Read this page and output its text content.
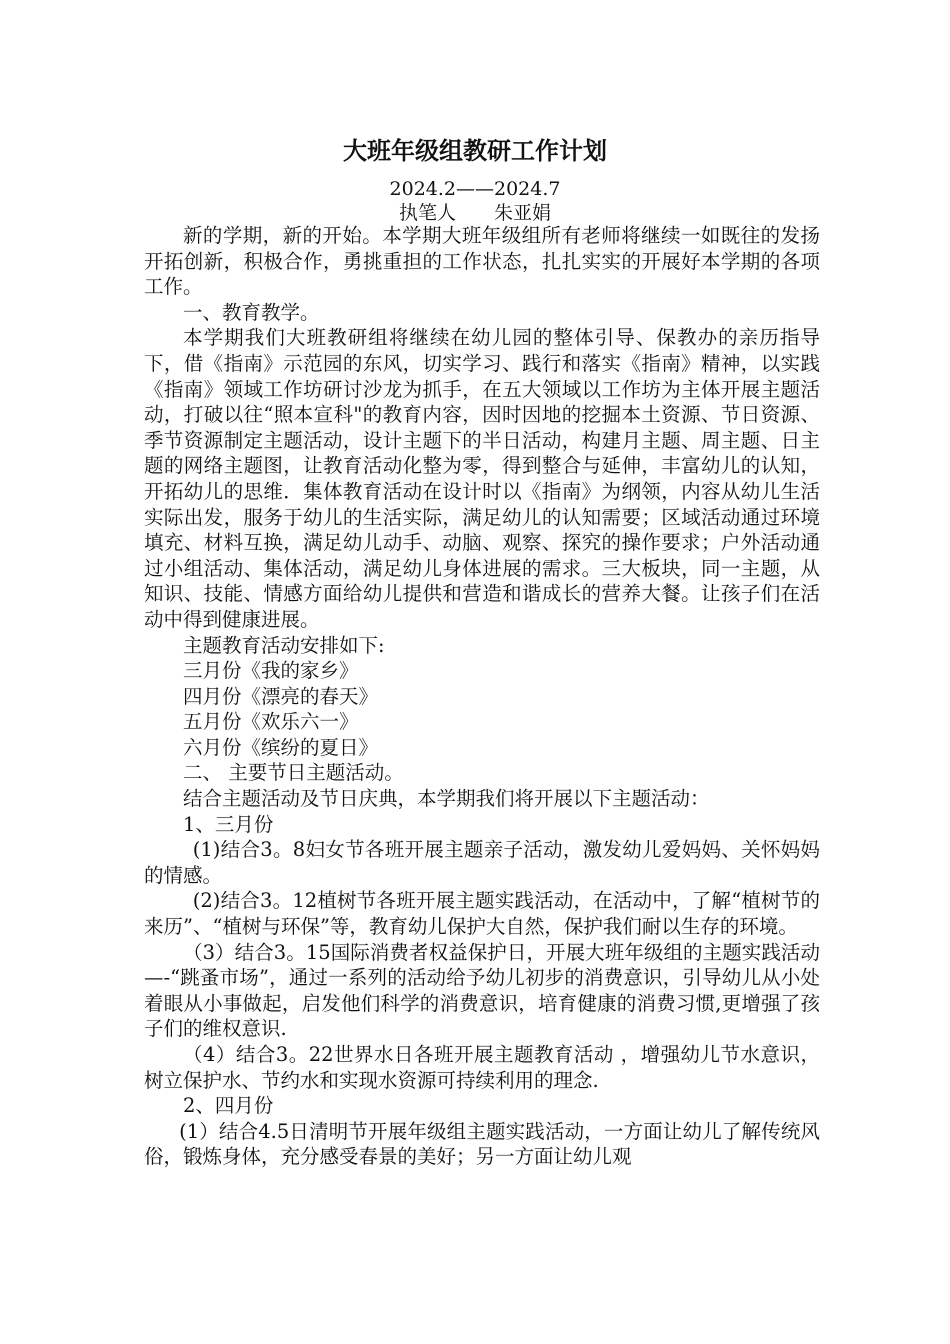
大班年级组教研工作计划
2024.2——2024.7
执笔人　　朱亚娟

新的学期，新的开始。本学期大班年级组所有老师将继续一如既往的发扬开拓创新，积极合作，勇挑重担的工作状态，扎扎实实的开展好本学期的各项工作。

一、教育教学。

本学期我们大班教研组将继续在幼儿园的整体引导、保教办的亲历指导下，借《指南》示范园的东风，切实学习、践行和落实《指南》精神，以实践《指南》领域工作坊研讨沙龙为抓手，在五大领域以工作坊为主体开展主题活动，打破以往“照本宣科"的教育内容，因时因地的挖掘本土资源、节日资源、季节资源制定主题活动，设计主题下的半日活动，构建月主题、周主题、日主题的网络主题图，让教育活动化整为零，得到整合与延伸，丰富幼儿的认知，开拓幼儿的思维．集体教育活动在设计时以《指南》为纲领，内容从幼儿生活实际出发，服务于幼儿的生活实际，满足幼儿的认知需要；区域活动通过环境填充、材料互换，满足幼儿动手、动脑、观察、探究的操作要求；户外活动通过小组活动、集体活动，满足幼儿身体进展的需求。三大板块，同一主题，从知识、技能、情感方面给幼儿提供和营造和谐成长的营养大餐。让孩子们在活动中得到健康进展。

主题教育活动安排如下:

三月份《我的家乡》

四月份《漂亮的春天》

五月份《欢乐六一》

六月份《缤纷的夏日》

二、 主要节日主题活动。

结合主题活动及节日庆典，本学期我们将开展以下主题活动：

1、三月份

(1)结合3。8妇女节各班开展主题亲子活动，激发幼儿爱妈妈、关怀妈妈的情感。

(2)结合3。12植树节各班开展主题实践活动，在活动中，了解“植树节的来历”、“植树与环保”等，教育幼儿保护大自然，保护我们耐以生存的环境。

（3）结合3。15国际消费者权益保护日，开展大班年级组的主题实践活动—-“跳蚤市场”，通过一系列的活动给予幼儿初步的消费意识，引导幼儿从小处着眼从小事做起，启发他们科学的消费意识，培育健康的消费习惯,更增强了孩子们的维权意识.

（4）结合3。22世界水日各班开展主题教育活动 ，增强幼儿节水意识，树立保护水、节约水和实现水资源可持续利用的理念.

2、四月份

(1）结合4.5日清明节开展年级组主题实践活动，一方面让幼儿了解传统风俗，锻炼身体，充分感受春景的美好；另一方面让幼儿观
